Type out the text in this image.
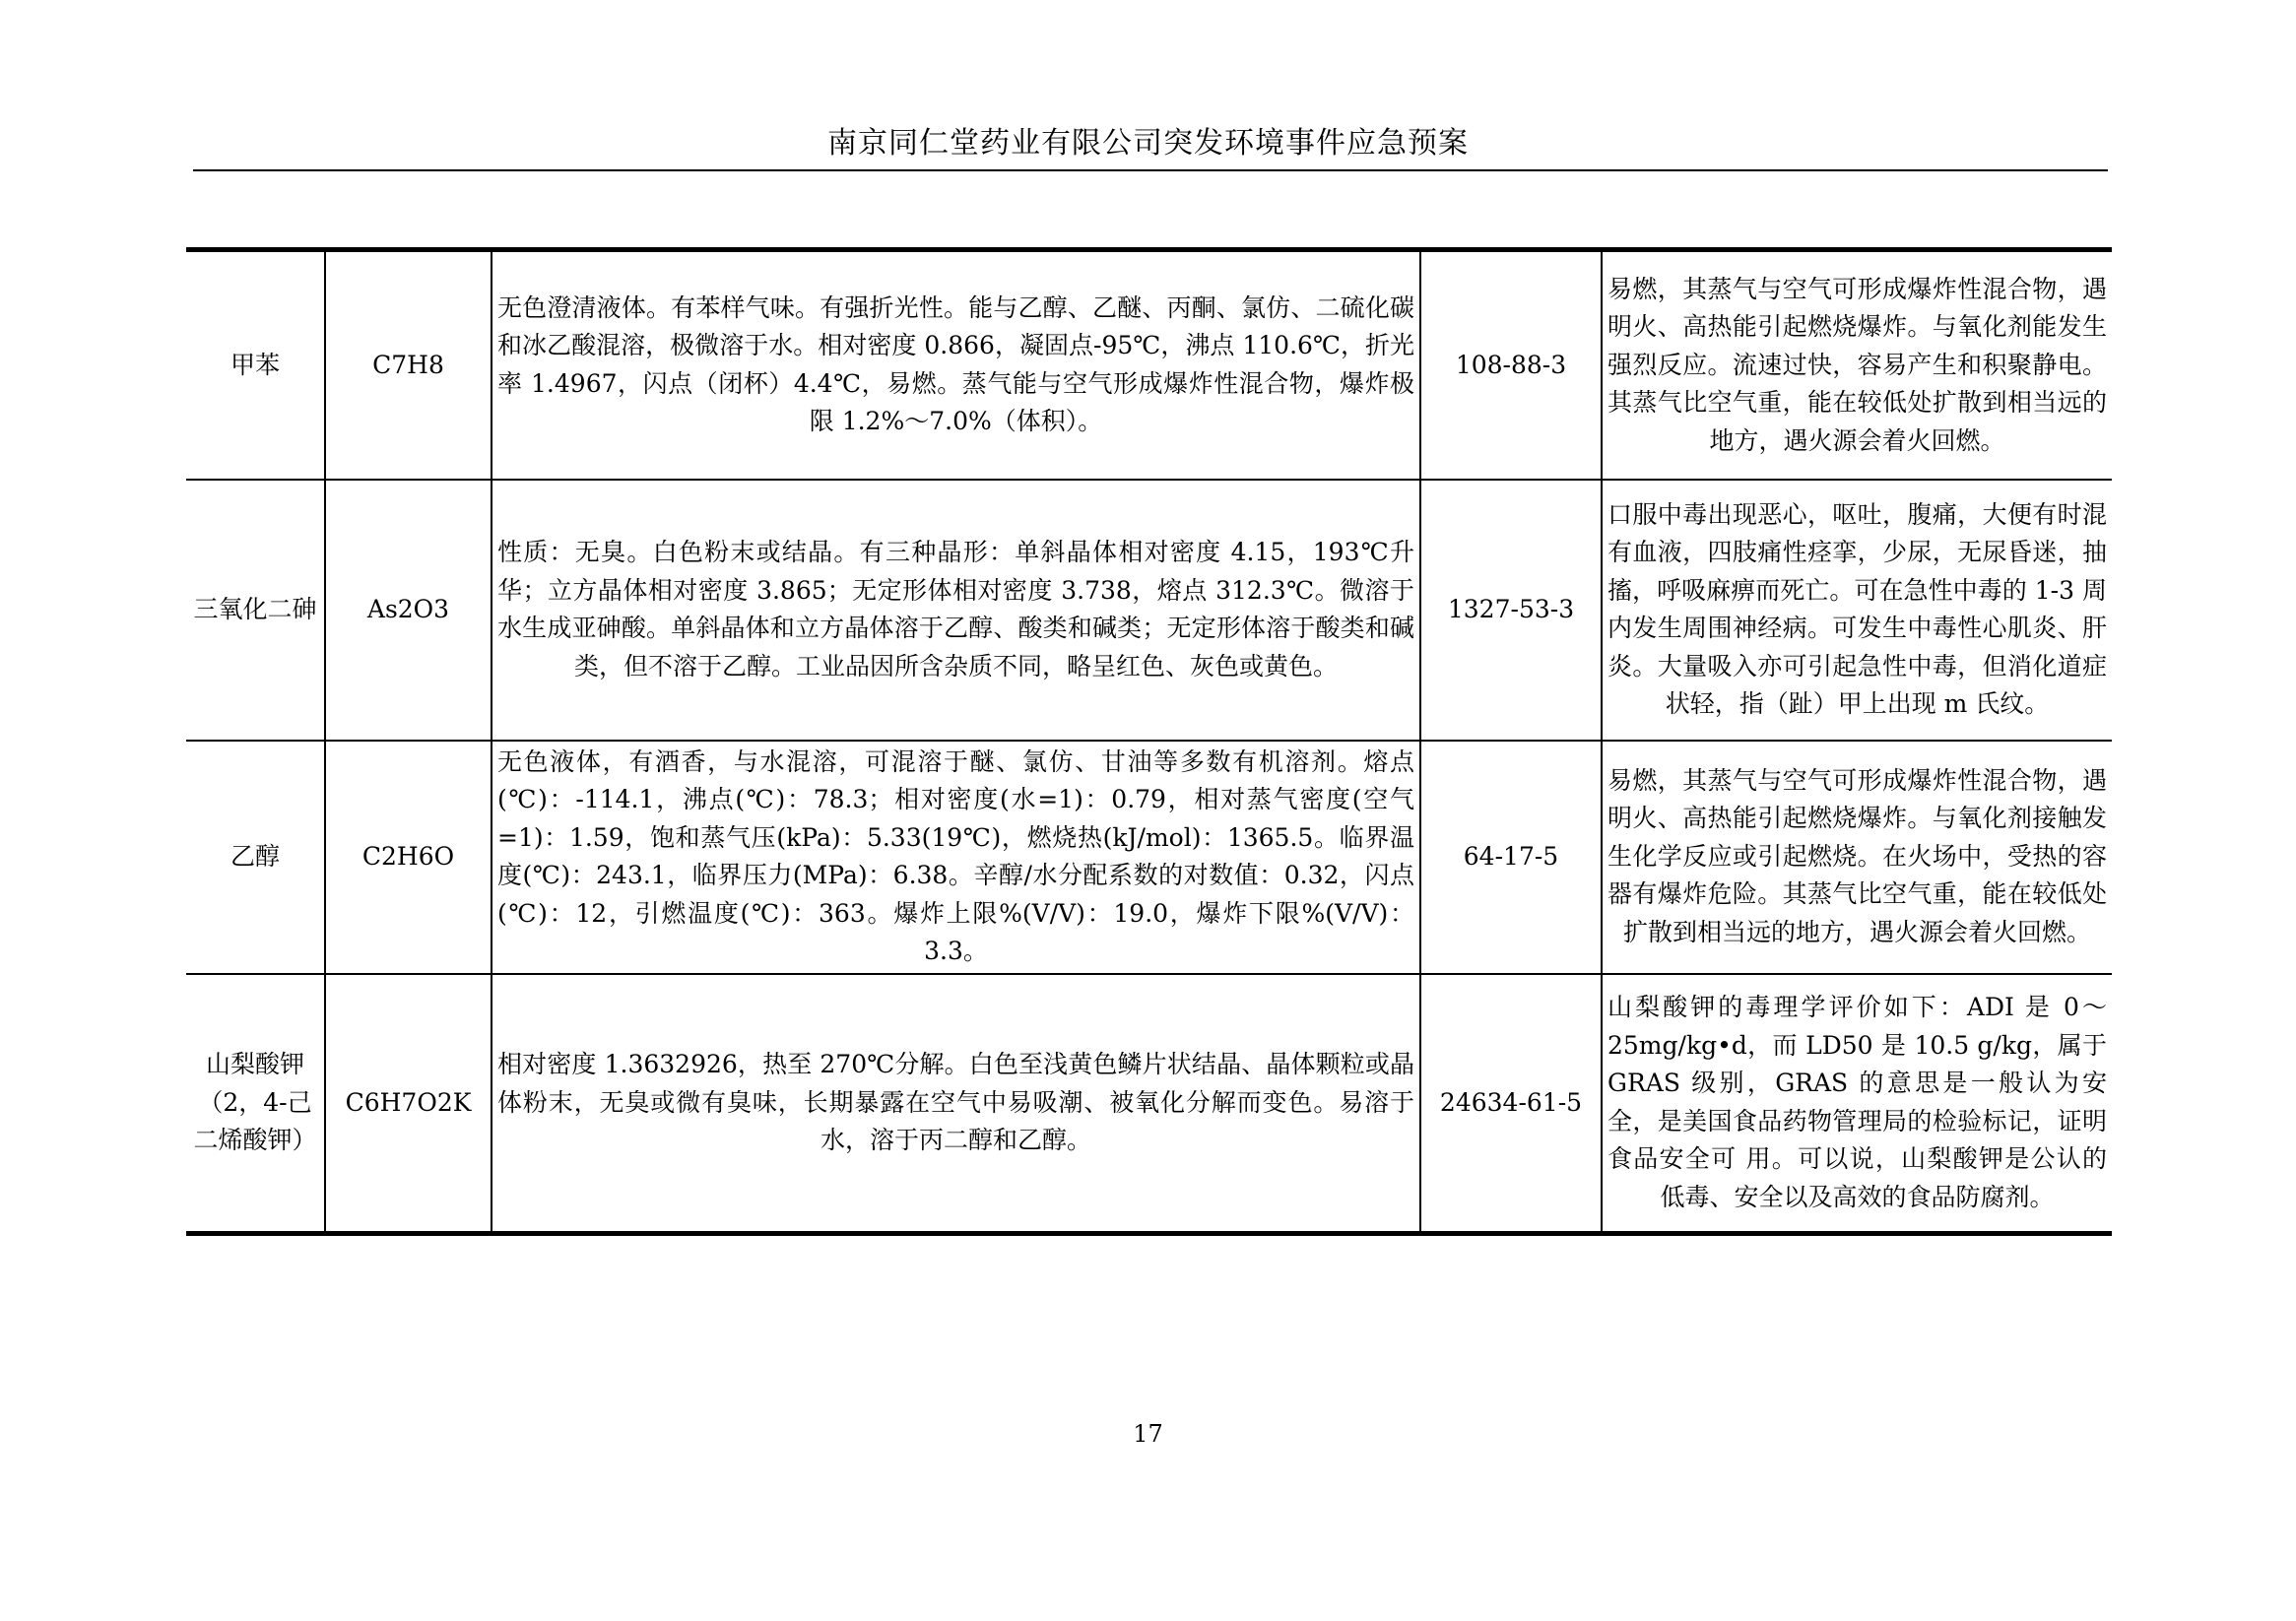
南京同仁堂药业有限公司突发环境事件应急预案
甲苯	C7H8	无色澄清液体。有苯样气味。有强折光性。能与乙醇、乙醚、丙酮、氯仿、二硫化碳和冰乙酸混溶，极微溶于水。相对密度 0.866，凝固点-95℃，沸点 110.6℃，折光率 1.4967，闪点（闭杯）4.4℃，易燃。蒸气能与空气形成爆炸性混合物，爆炸极限 1.2%～7.0%（体积）。	108-88-3	易燃，其蒸气与空气可形成爆炸性混合物，遇明火、高热能引起燃烧爆炸。与氧化剂能发生强烈反应。流速过快，容易产生和积聚静电。其蒸气比空气重，能在较低处扩散到相当远的地方，遇火源会着火回燃。
三氧化二砷	As2O3	性质：无臭。白色粉末或结晶。有三种晶形：单斜晶体相对密度 4.15，193℃升华；立方晶体相对密度 3.865；无定形体相对密度 3.738，熔点 312.3℃。微溶于水生成亚砷酸。单斜晶体和立方晶体溶于乙醇、酸类和碱类；无定形体溶于酸类和碱类，但不溶于乙醇。工业品因所含杂质不同，略呈红色、灰色或黄色。	1327-53-3	口服中毒出现恶心，呕吐，腹痛，大便有时混有血液，四肢痛性痉挛，少尿，无尿昏迷，抽搐，呼吸麻痹而死亡。可在急性中毒的 1-3 周内发生周围神经病。可发生中毒性心肌炎、肝炎。大量吸入亦可引起急性中毒，但消化道症状轻，指（趾）甲上出现 m 氏纹。
乙醇	C2H6O	无色液体，有酒香，与水混溶，可混溶于醚、氯仿、甘油等多数有机溶剂。熔点(℃)：-114.1，沸点(℃)：78.3；相对密度(水=1)：0.79，相对蒸气密度(空气=1)：1.59，饱和蒸气压(kPa)：5.33(19℃)，燃烧热(kJ/mol)：1365.5。临界温度(℃)：243.1，临界压力(MPa)：6.38。辛醇/水分配系数的对数值：0.32，闪点(℃)：12，引燃温度(℃)：363。爆炸上限%(V/V)：19.0，爆炸下限%(V/V)：3.3。	64-17-5	易燃，其蒸气与空气可形成爆炸性混合物，遇明火、高热能引起燃烧爆炸。与氧化剂接触发生化学反应或引起燃烧。在火场中，受热的容器有爆炸危险。其蒸气比空气重，能在较低处扩散到相当远的地方，遇火源会着火回燃。
山梨酸钾（2，4-己二烯酸钾）	C6H7O2K	相对密度 1.3632926，热至 270℃分解。白色至浅黄色鳞片状结晶、晶体颗粒或晶体粉末，无臭或微有臭味，长期暴露在空气中易吸潮、被氧化分解而变色。易溶于水，溶于丙二醇和乙醇。	24634-61-5	山梨酸钾的毒理学评价如下：ADI 是 0～25mg/kg•d，而 LD50 是 10.5 g/kg，属于 GRAS 级别，GRAS 的意思是一般认为安全，是美国食品药物管理局的检验标记，证明食品安全可 用。可以说，山梨酸钾是公认的低毒、安全以及高效的食品防腐剂。
17
